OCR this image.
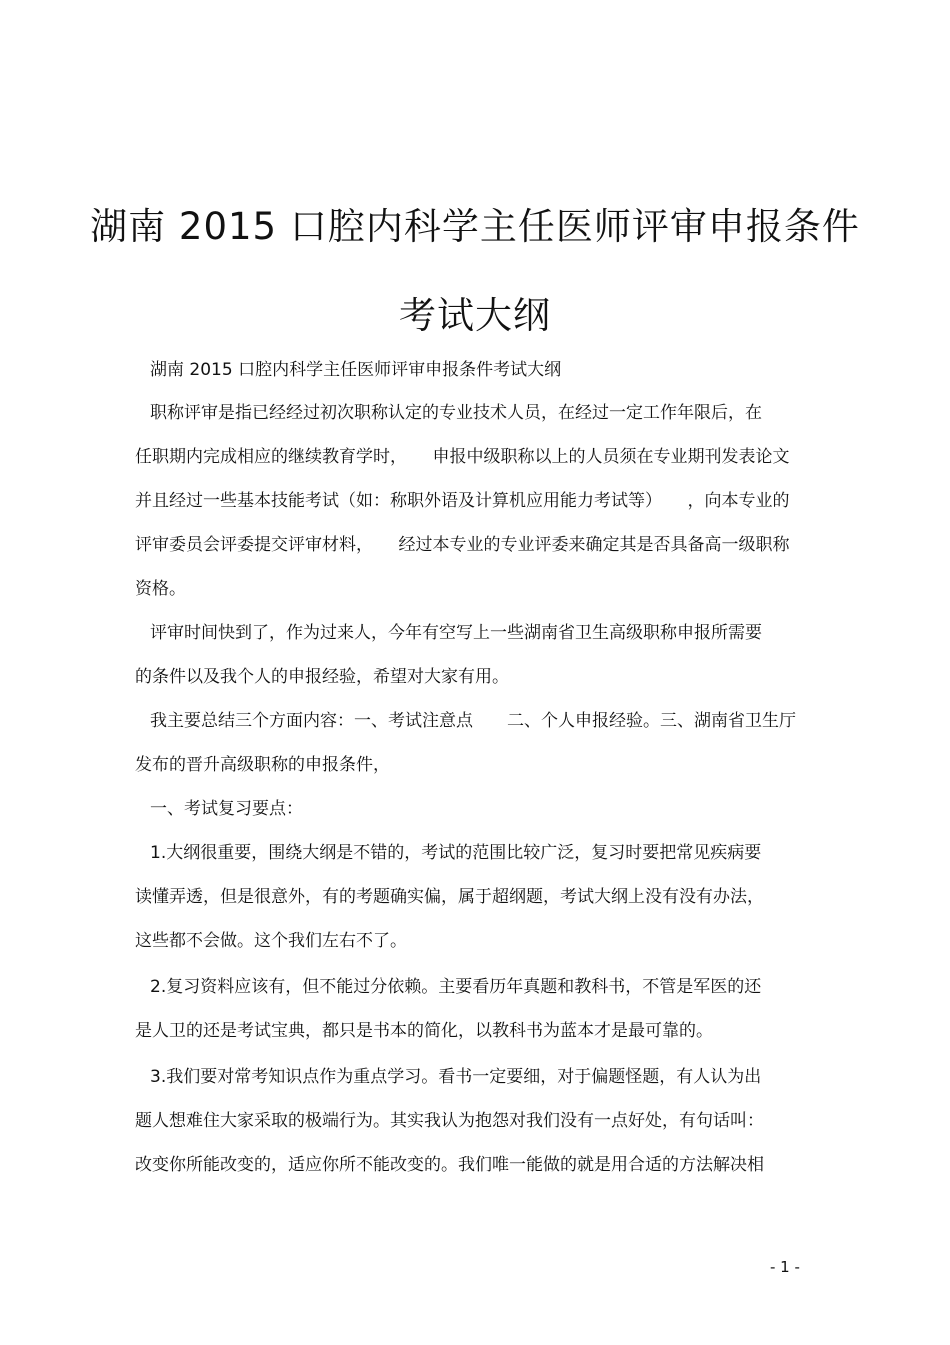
湖南 2015 口腔内科学主任医师评审申报条件
考试大纲

湖南 2015 口腔内科学主任医师评审申报条件考试大纲

职称评审是指已经经过初次职称认定的专业技术人员，在经过一定工作年限后，在

任职期内完成相应的继续教育学时，　　申报中级职称以上的人员须在专业期刊发表论文

并且经过一些基本技能考试（如：称职外语及计算机应用能力考试等）　　，向本专业的

评审委员会评委提交评审材料，　　经过本专业的专业评委来确定其是否具备高一级职称

资格。

评审时间快到了，作为过来人，今年有空写上一些湖南省卫生高级职称申报所需要

的条件以及我个人的申报经验，希望对大家有用。

我主要总结三个方面内容：一、考试注意点　　二、个人申报经验。三、湖南省卫生厅

发布的晋升高级职称的申报条件，

一、考试复习要点：

1.大纲很重要，围绕大纲是不错的，考试的范围比较广泛，复习时要把常见疾病要

读懂弄透，但是很意外，有的考题确实偏，属于超纲题，考试大纲上没有没有办法，

这些都不会做。这个我们左右不了。

2.复习资料应该有，但不能过分依赖。主要看历年真题和教科书，不管是军医的还

是人卫的还是考试宝典，都只是书本的简化，以教科书为蓝本才是最可靠的。

3.我们要对常考知识点作为重点学习。看书一定要细，对于偏题怪题，有人认为出

题人想难住大家采取的极端行为。其实我认为抱怨对我们没有一点好处，有句话叫：

改变你所能改变的，适应你所不能改变的。我们唯一能做的就是用合适的方法解决相

- 1 -
